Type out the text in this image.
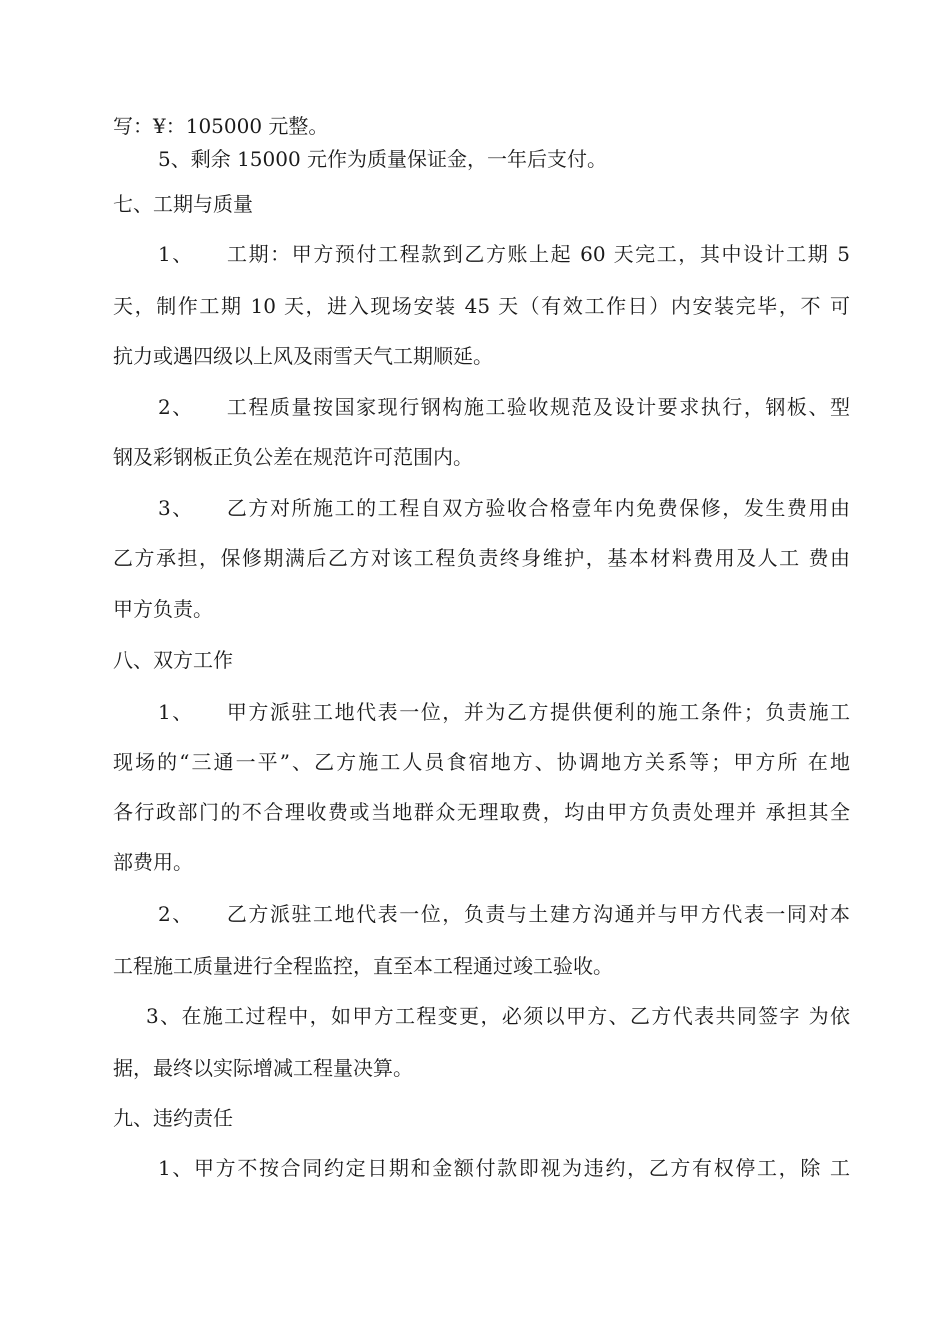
写：¥：105000 元整。
5、剩余 15000 元作为质量保证金，一年后支付。
七、工期与质量
1、　　工期：甲方预付工程款到乙方账上起 60 天完工，其中设计工期 5
天，制作工期 10 天，进入现场安装 45 天（有效工作日）内安装完毕，不 可
抗力或遇四级以上风及雨雪天气工期顺延。
2、　　工程质量按国家现行钢构施工验收规范及设计要求执行，钢板、型
钢及彩钢板正负公差在规范许可范围内。
3、　　乙方对所施工的工程自双方验收合格壹年内免费保修，发生费用由
乙方承担，保修期满后乙方对该工程负责终身维护，基本材料费用及人工 费由
甲方负责。
八、双方工作
1、　　甲方派驻工地代表一位，并为乙方提供便利的施工条件；负责施工
现场的“三通一平”、乙方施工人员食宿地方、协调地方关系等；甲方所 在地
各行政部门的不合理收费或当地群众无理取费，均由甲方负责处理并 承担其全
部费用。
2、　　乙方派驻工地代表一位，负责与土建方沟通并与甲方代表一同对本
工程施工质量进行全程监控，直至本工程通过竣工验收。
3、在施工过程中，如甲方工程变更，必须以甲方、乙方代表共同签字 为依
据，最终以实际增减工程量决算。
九、违约责任
1、甲方不按合同约定日期和金额付款即视为违约，乙方有权停工，除 工
